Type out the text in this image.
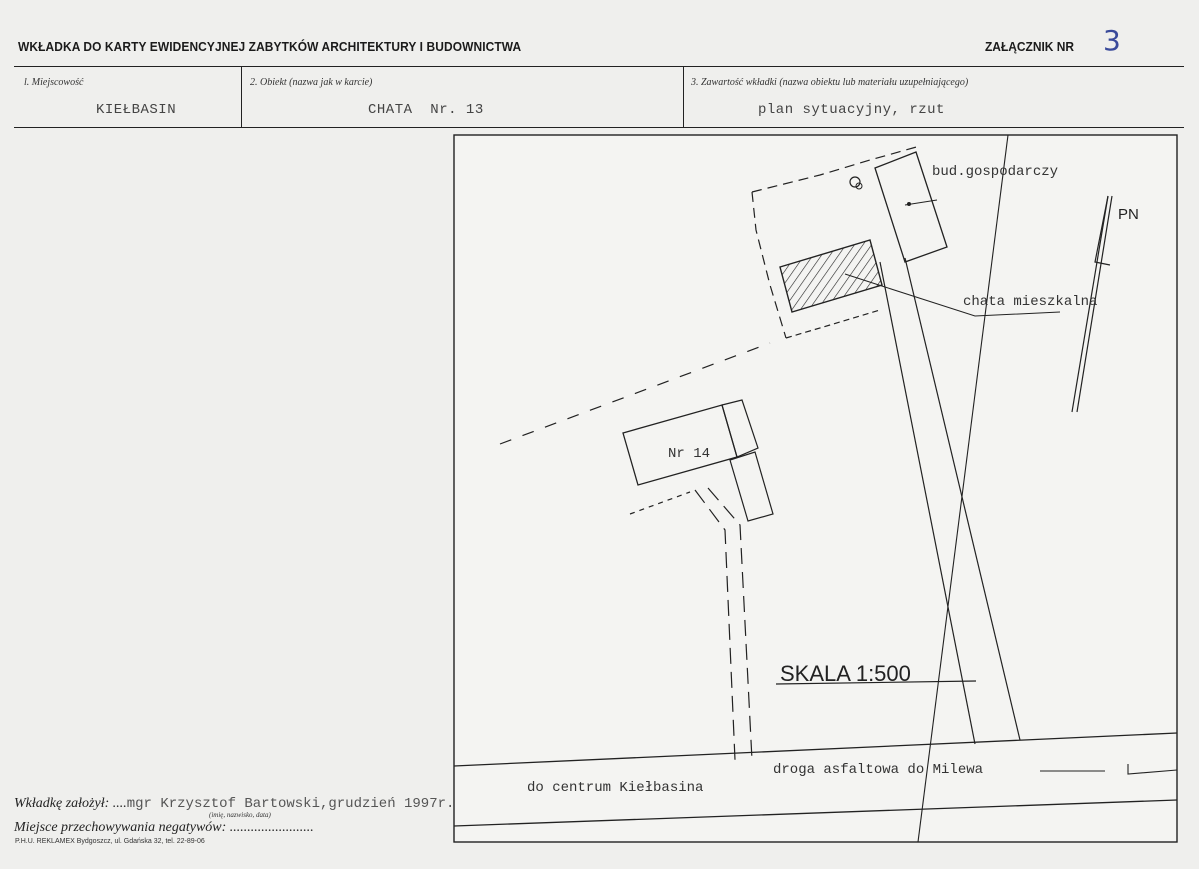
WKŁADKA DO KARTY EWIDENCYJNEJ ZABYTKÓW ARCHITEKTURY I BUDOWNICTWA	ZAŁĄCZNIK NR 3
l. Miejscowość	2. Obiekt (nazwa jak w karcie)	3. Zawartość wkładki (nazwa obiektu lub materiału uzupełniającego)
KIEŁBASIN	CHATA  Nr. 13	plan sytuacyjny, rzut
bud.gospodarczy
chata mieszkalna
PN
Nr 14
SKALA 1:500
droga asfaltowa do Milewa
do centrum Kiełbasina
Wkładkę założył: ....mgr Krzysztof Bartowski,grudzień 1997r.
(imię, nazwisko, data)
Miejsce przechowywania negatywów: ........................
P.H.U. REKLAMEX Bydgoszcz, ul. Gdańska 32, tel. 22-89-06
